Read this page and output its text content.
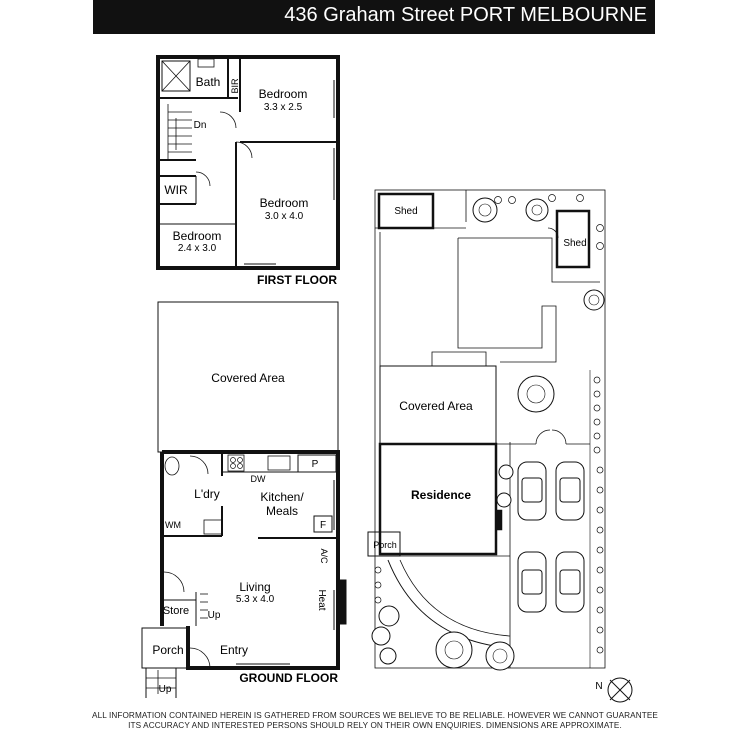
436 Graham Street PORT MELBOURNE
Bath BIR
Dn
Bedroom
3.3 x 2.5
WIR
Bedroom
3.0 x 4.0
Bedroom
2.4 x 3.0
FIRST FLOOR
Covered Area
L'dry
WM
DW
P
F
Kitchen/
Meals
A/C
Living
5.3 x 4.0	Heat
Store Up
Porch	Entry
Up
GROUND FLOOR
Shed
Shed
Covered Area
Residence
Porch
N
ALL INFORMATION CONTAINED HEREIN IS GATHERED FROM SOURCES WE BELIEVE TO BE RELIABLE. HOWEVER WE CANNOT GUARANTEE
ITS ACCURACY AND INTERESTED PERSONS SHOULD RELY ON THEIR OWN ENQUIRIES. DIMENSIONS ARE APPROXIMATE.
